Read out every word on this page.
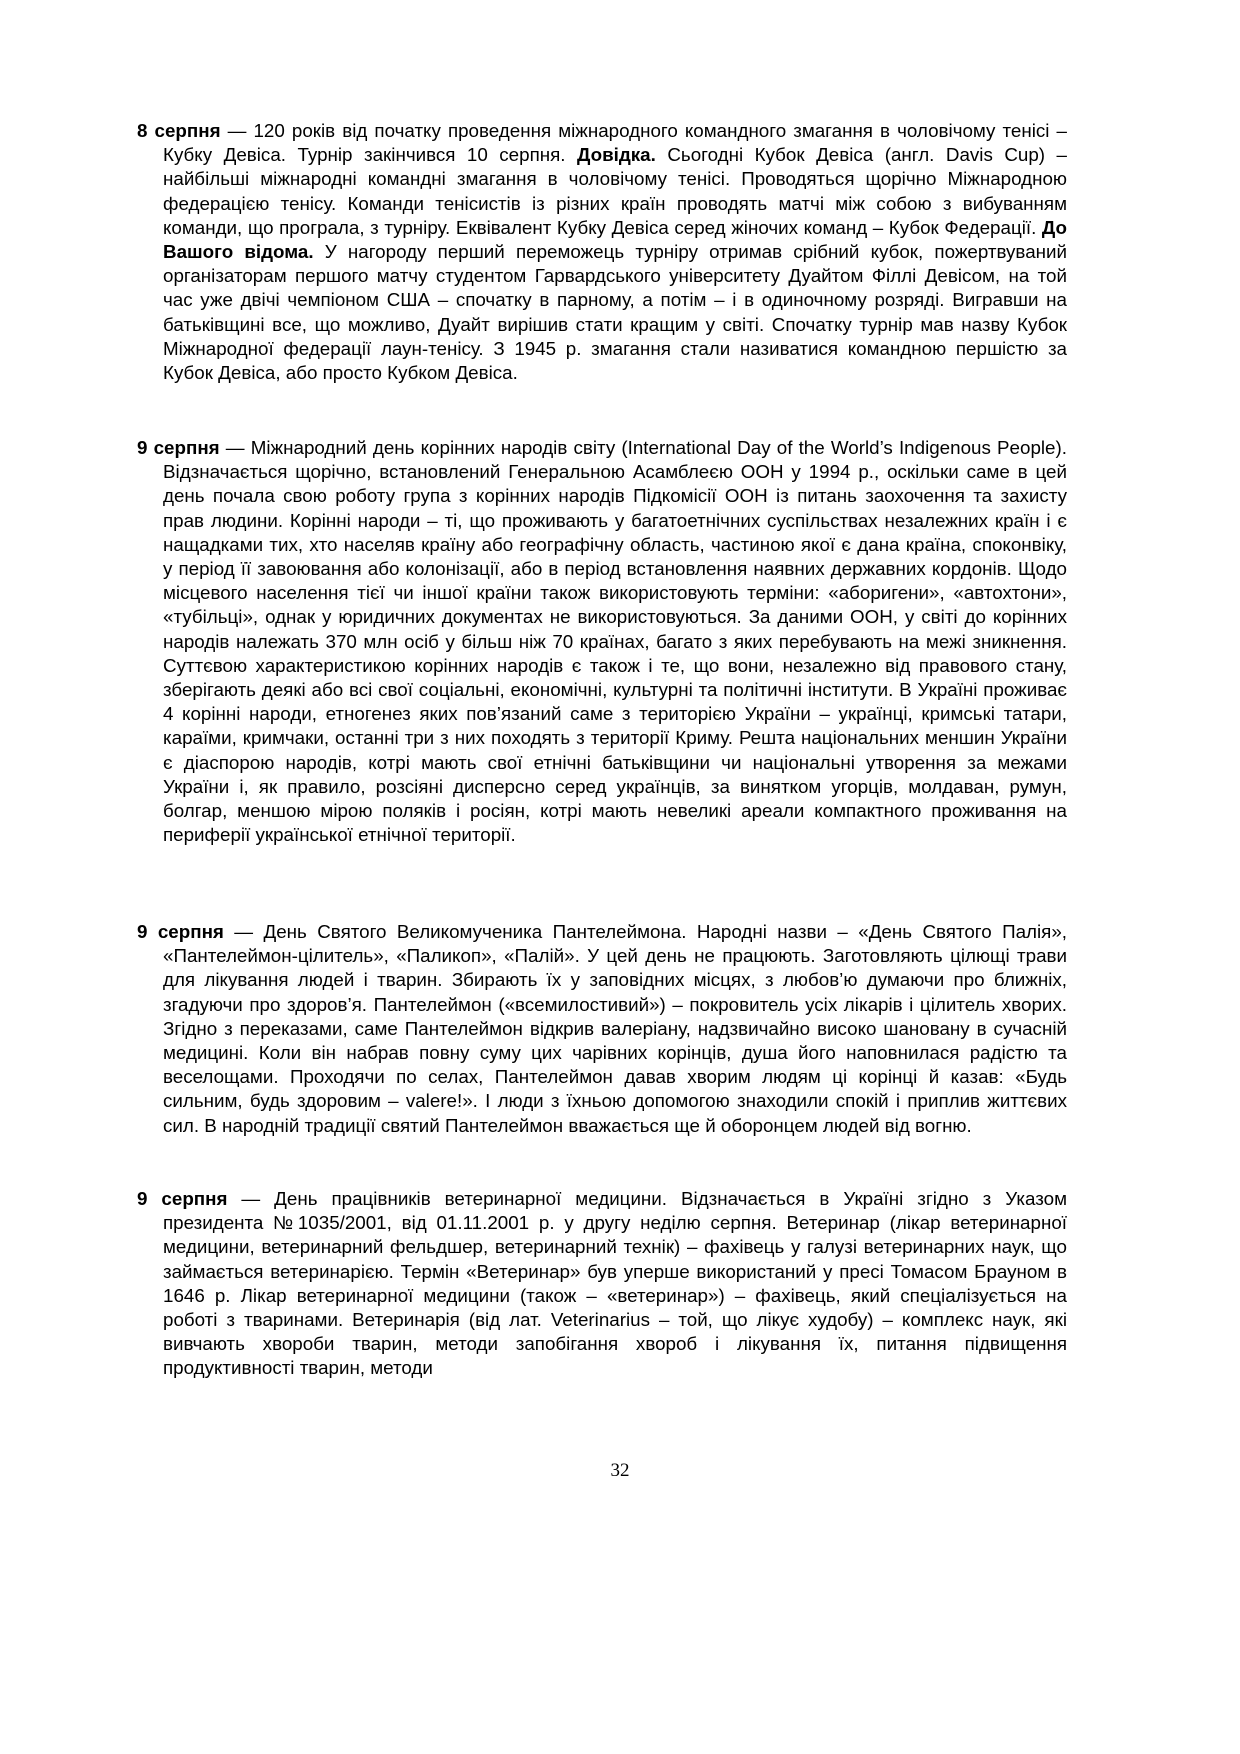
8 серпня — 120 років від початку проведення міжнародного командного змагання в чоловічому тенісі – Кубку Девіса. Турнір закінчився 10 серпня. Довідка. Сьогодні Кубок Девіса (англ. Davis Cup) – найбільші міжнародні командні змагання в чоловічому тенісі. Проводяться щорічно Міжнародною федерацією тенісу. Команди тенісистів із різних країн проводять матчі між собою з вибуванням команди, що програла, з турніру. Еквівалент Кубку Девіса серед жіночих команд – Кубок Федерації. До Вашого відома. У нагороду перший переможець турніру отримав срібний кубок, пожертвуваний організаторам першого матчу студентом Гарвардського університету Дуайтом Філлі Девісом, на той час уже двічі чемпіоном США – спочатку в парному, а потім – і в одиночному розряді. Вигравши на батьківщині все, що можливо, Дуайт вирішив стати кращим у світі. Спочатку турнір мав назву Кубок Міжнародної федерації лаун-тенісу. З 1945 р. змагання стали називатися командною першістю за Кубок Девіса, або просто Кубком Девіса.

9 серпня — Міжнародний день корінних народів світу (International Day of the World’s Indigenous People). Відзначається щорічно, встановлений Генеральною Асамблеєю ООН у 1994 р., оскільки саме в цей день почала свою роботу група з корінних народів Підкомісії ООН із питань заохочення та захисту прав людини. Корінні народи – ті, що проживають у багатоетнічних суспільствах незалежних країн і є нащадками тих, хто населяв країну або географічну область, частиною якої є дана країна, споконвіку, у період її завоювання або колонізації, або в період встановлення наявних державних кордонів. Щодо місцевого населення тієї чи іншої країни також використовують терміни: «аборигени», «автохтони», «тубільці», однак у юридичних документах не використовуються. За даними ООН, у світі до корінних народів належать 370 млн осіб у більш ніж 70 країнах, багато з яких перебувають на межі зникнення. Суттєвою характеристикою корінних народів є також і те, що вони, незалежно від правового стану, зберігають деякі або всі свої соціальні, економічні, культурні та політичні інститути. В Україні проживає 4 корінні народи, етногенез яких пов’язаний саме з територією України – українці, кримські татари, караїми, кримчаки, останні три з них походять з території Криму. Решта національних меншин України є діаспорою народів, котрі мають свої етнічні батьківщини чи національні утворення за межами України і, як правило, розсіяні дисперсно серед українців, за винятком угорців, молдаван, румун, болгар, меншою мірою поляків і росіян, котрі мають невеликі ареали компактного проживання на периферії української етнічної території.

9 серпня — День Святого Великомученика Пантелеймона. Народні назви – «День Святого Палія», «Пантелеймон-цілитель», «Паликоп», «Палій». У цей день не працюють. Заготовляють цілющі трави для лікування людей і тварин. Збирають їх у заповідних місцях, з любов’ю думаючи про ближніх, згадуючи про здоров’я. Пантелеймон («всемилостивий») – покровитель усіх лікарів і цілитель хворих. Згідно з переказами, саме Пантелеймон відкрив валеріану, надзвичайно високо шановану в сучасній медицині. Коли він набрав повну суму цих чарівних корінців, душа його наповнилася радістю та веселощами. Проходячи по селах, Пантелеймон давав хворим людям ці корінці й казав: «Будь сильним, будь здоровим – valere!». І люди з їхньою допомогою знаходили спокій і приплив життєвих сил. В народній традиції святий Пантелеймон вважається ще й оборонцем людей від вогню.

9 серпня — День працівників ветеринарної медицини. Відзначається в Україні згідно з Указом президента №1035/2001, від 01.11.2001 р. у другу неділю серпня. Ветеринар (лікар ветеринарної медицини, ветеринарний фельдшер, ветеринарний технік) – фахівець у галузі ветеринарних наук, що займається ветеринарією. Термін «Ветеринар» був уперше використаний у пресі Томасом Брауном в 1646 р. Лікар ветеринарної медицини (також – «ветеринар») – фахівець, який спеціалізується на роботі з тваринами. Ветеринарія (від лат. Veterinarius – той, що лікує худобу) – комплекс наук, які вивчають хвороби тварин, методи запобігання хвороб і лікування їх, питання підвищення продуктивності тварин, методи

32
